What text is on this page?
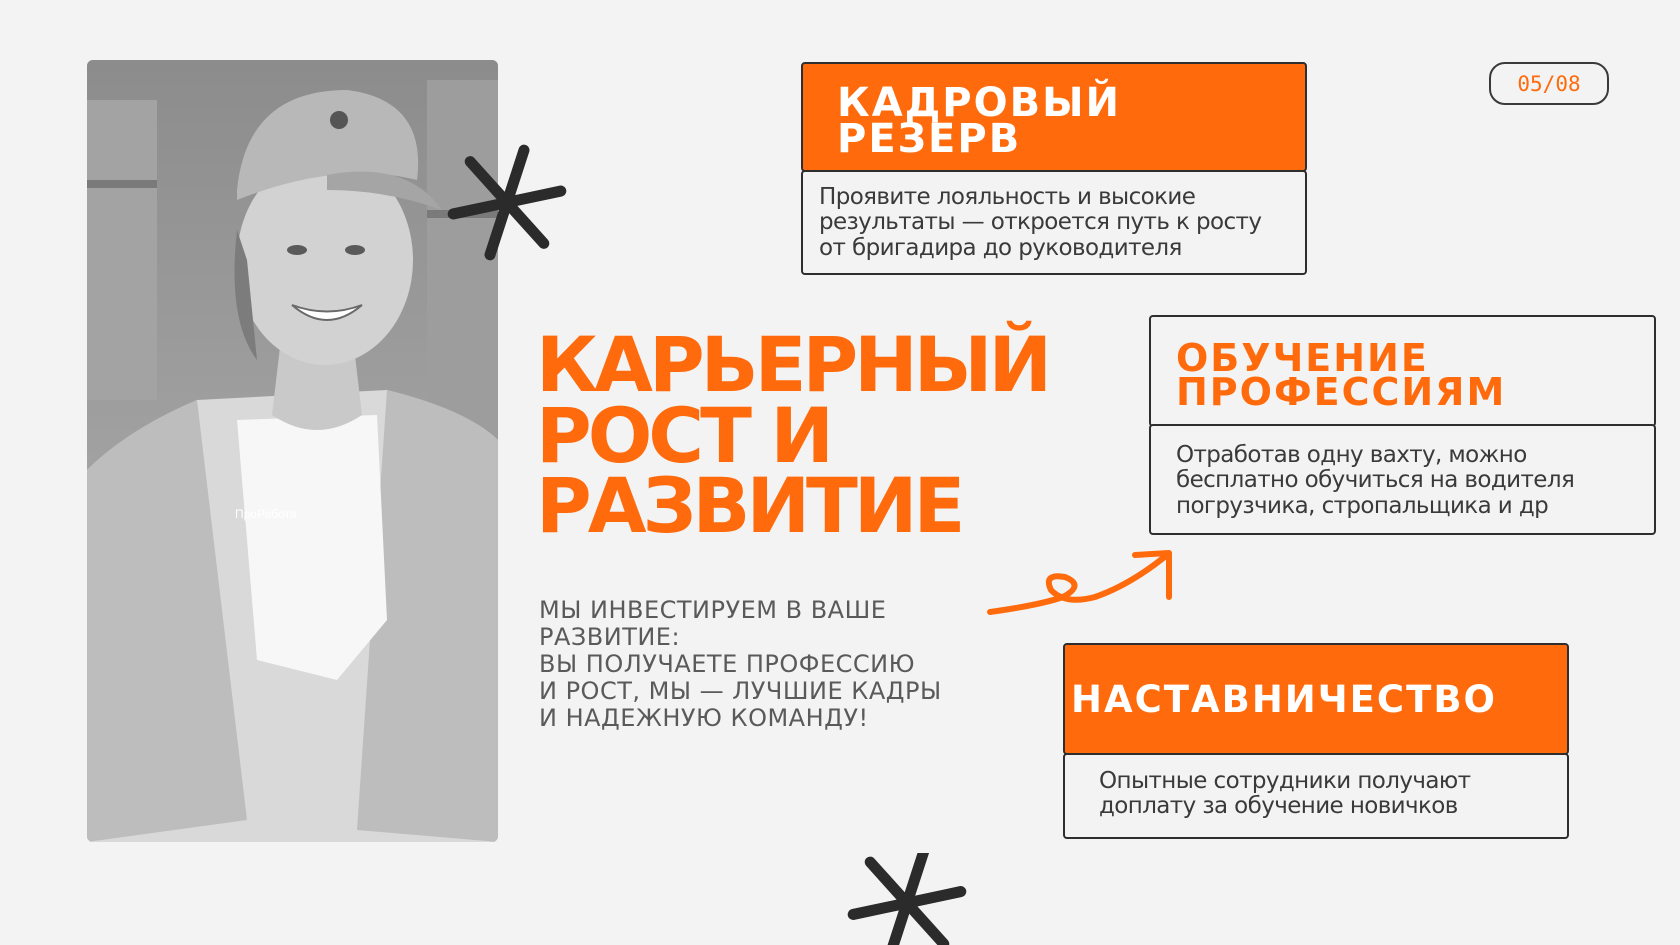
ПроРабота
05/08
КАДРОВЫЙ
РЕЗЕРВ
Проявите лояльность и высокие результаты — откроется путь к росту от бригадира до руководителя
ОБУЧЕНИЕ
ПРОФЕССИЯМ
Отработав одну вахту, можно бесплатно обучиться на водителя погрузчика, стропальщика и др
НАСТАВНИЧЕСТВО
Опытные сотрудники получают доплату за обучение новичков
КАРЬЕРНЫЙ
РОСТ И
РАЗВИТИЕ

МЫ ИНВЕСТИРУЕМ В ВАШЕ
РАЗВИТИЕ:
ВЫ ПОЛУЧАЕТЕ ПРОФЕССИЮ
И РОСТ, МЫ — ЛУЧШИЕ КАДРЫ
И НАДЕЖНУЮ КОМАНДУ!
